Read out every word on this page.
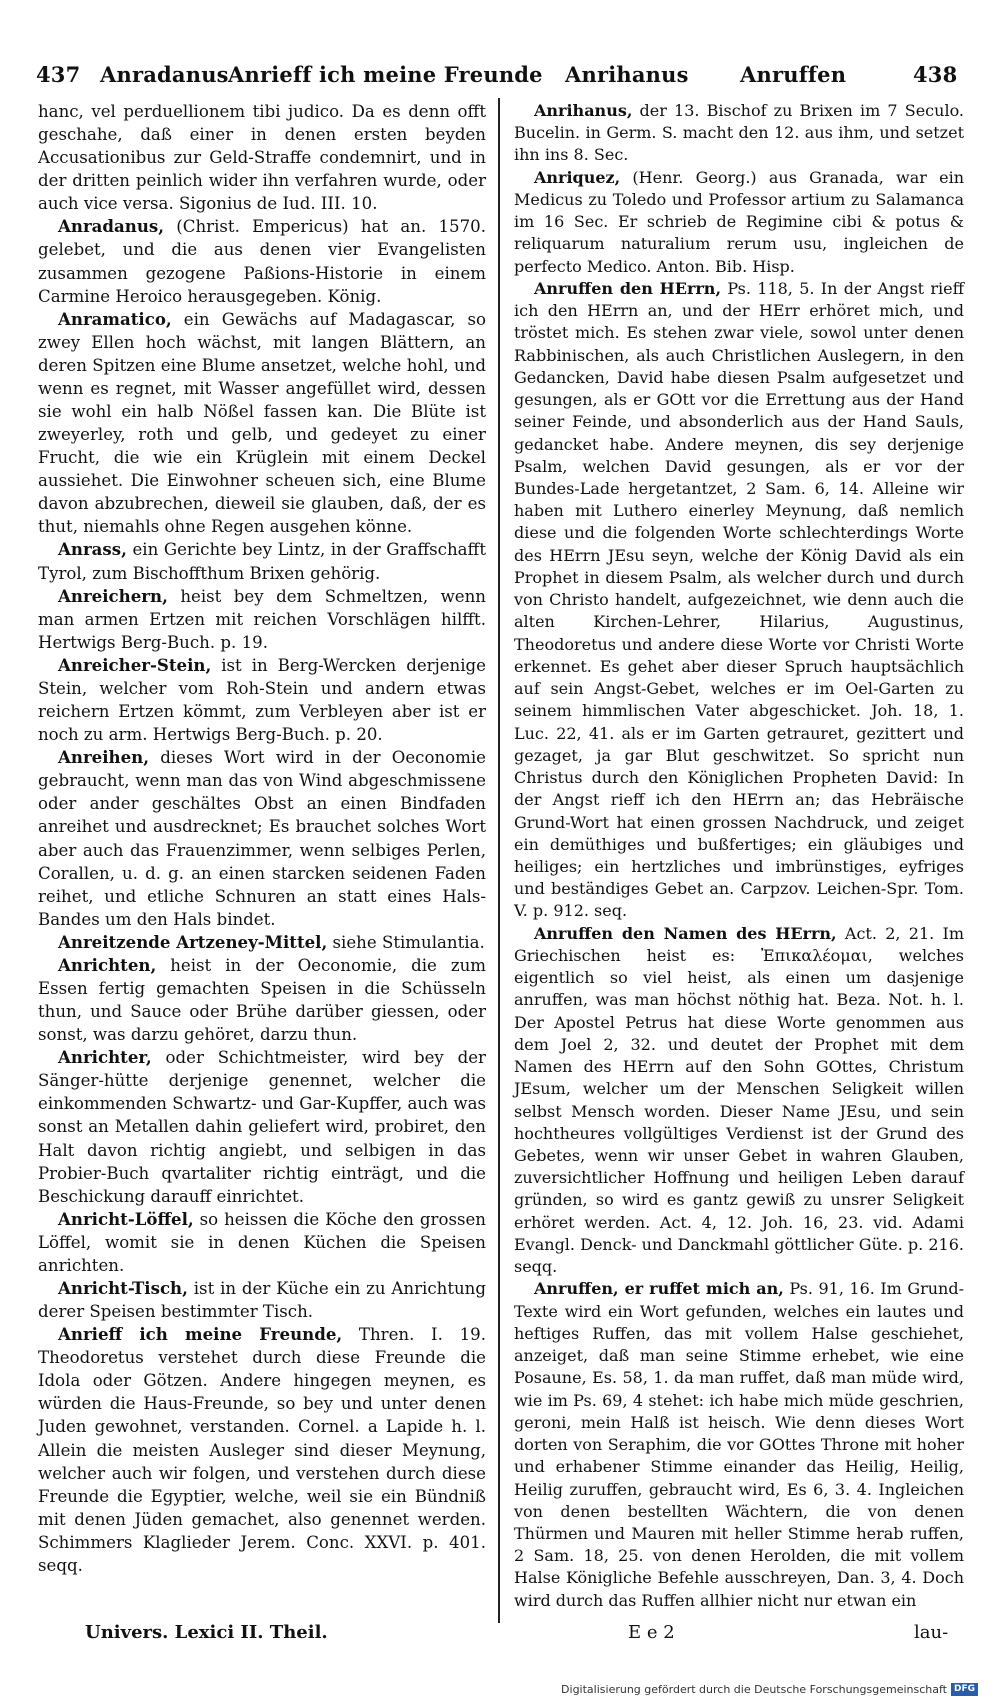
437 Anradanus Anrieff ich meine Freunde Anrihanus Anruffen	438

hanc, vel perduellionem tibi judico. Da es denn offt geschahe, daß einer in denen ersten beyden Accusationibus zur Geld-Straffe condemnirt, und in der dritten peinlich wider ihn verfahren wurde, oder auch vice versa. Sigonius de Iud. III. 10.

Anradanus, (Christ. Empericus) hat an. 1570. gelebet, und die aus denen vier Evangelisten zusammen gezogene Paßions-Historie in einem Carmine Heroico herausgegeben. König.

Anramatico, ein Gewächs auf Madagascar, so zwey Ellen hoch wächst, mit langen Blättern, an deren Spitzen eine Blume ansetzet, welche hohl, und wenn es regnet, mit Wasser angefüllet wird, dessen sie wohl ein halb Nößel fassen kan. Die Blüte ist zweyerley, roth und gelb, und gedeyet zu einer Frucht, die wie ein Krüglein mit einem Deckel aussiehet. Die Einwohner scheuen sich, eine Blume davon abzubrechen, dieweil sie glauben, daß, der es thut, niemahls ohne Regen ausgehen könne.

Anrass, ein Gerichte bey Lintz, in der Graffschafft Tyrol, zum Bischoffthum Brixen gehörig.

Anreichern, heist bey dem Schmeltzen, wenn man armen Ertzen mit reichen Vorschlägen hilfft. Hertwigs Berg-Buch. p. 19.

Anreicher-Stein, ist in Berg-Wercken derjenige Stein, welcher vom Roh-Stein und andern etwas reichern Ertzen kömmt, zum Verbleyen aber ist er noch zu arm. Hertwigs Berg-Buch. p. 20.

Anreihen, dieses Wort wird in der Oeconomie gebraucht, wenn man das von Wind abgeschmissene oder ander geschältes Obst an einen Bindfaden anreihet und ausdrecknet; Es brauchet solches Wort aber auch das Frauenzimmer, wenn selbiges Perlen, Corallen, u. d. g. an einen starcken seidenen Faden reihet, und etliche Schnuren an statt eines Hals-Bandes um den Hals bindet.

Anreitzende Artzeney-Mittel, siehe Stimulantia.

Anrichten, heist in der Oeconomie, die zum Essen fertig gemachten Speisen in die Schüsseln thun, und Sauce oder Brühe darüber giessen, oder sonst, was darzu gehöret, darzu thun.

Anrichter, oder Schichtmeister, wird bey der Sänger-hütte derjenige genennet, welcher die einkommenden Schwartz- und Gar-Kupffer, auch was sonst an Metallen dahin geliefert wird, probiret, den Halt davon richtig angiebt, und selbigen in das Probier-Buch qvartaliter richtig einträgt, und die Beschickung darauff einrichtet.

Anricht-Löffel, so heissen die Köche den grossen Löffel, womit sie in denen Küchen die Speisen anrichten.

Anricht-Tisch, ist in der Küche ein zu Anrichtung derer Speisen bestimmter Tisch.

Anrieff ich meine Freunde, Thren. I. 19. Theodoretus verstehet durch diese Freunde die Idola oder Götzen. Andere hingegen meynen, es würden die Haus-Freunde, so bey und unter denen Juden gewohnet, verstanden. Cornel. a Lapide h. l. Allein die meisten Ausleger sind dieser Meynung, welcher auch wir folgen, und verstehen durch diese Freunde die Egyptier, welche, weil sie ein Bündniß mit denen Jüden gemachet, also genennet werden. Schimmers Klaglieder Jerem. Conc. XXVI. p. 401. seqq.

Anrihanus, der 13. Bischof zu Brixen im 7 Seculo. Bucelin. in Germ. S. macht den 12. aus ihm, und setzet ihn ins 8. Sec.

Anriquez, (Henr. Georg.) aus Granada, war ein Medicus zu Toledo und Professor artium zu Salamanca im 16 Sec. Er schrieb de Regimine cibi & potus & reliquarum naturalium rerum usu, ingleichen de perfecto Medico. Anton. Bib. Hisp.

Anruffen den HErrn, Ps. 118, 5. In der Angst rieff ich den HErrn an, und der HErr erhöret mich, und tröstet mich. Es stehen zwar viele, sowol unter denen Rabbinischen, als auch Christlichen Auslegern, in den Gedancken, David habe diesen Psalm aufgesetzet und gesungen, als er GOtt vor die Errettung aus der Hand seiner Feinde, und absonderlich aus der Hand Sauls, gedancket habe. Andere meynen, dis sey derjenige Psalm, welchen David gesungen, als er vor der Bundes-Lade hergetantzet, 2 Sam. 6, 14. Alleine wir haben mit Luthero einerley Meynung, daß nemlich diese und die folgenden Worte schlechterdings Worte des HErrn JEsu seyn, welche der König David als ein Prophet in diesem Psalm, als welcher durch und durch von Christo handelt, aufgezeichnet, wie denn auch die alten Kirchen-Lehrer, Hilarius, Augustinus, Theodoretus und andere diese Worte vor Christi Worte erkennet. Es gehet aber dieser Spruch hauptsächlich auf sein Angst-Gebet, welches er im Oel-Garten zu seinem himmlischen Vater abgeschicket. Joh. 18, 1. Luc. 22, 41. als er im Garten getrauret, gezittert und gezaget, ja gar Blut geschwitzet. So spricht nun Christus durch den Königlichen Propheten David: In der Angst rieff ich den HErrn an; das Hebräische Grund-Wort hat einen grossen Nachdruck, und zeiget ein demüthiges und bußfertiges; ein gläubiges und heiliges; ein hertzliches und imbrünstiges, eyfriges und beständiges Gebet an. Carpzov. Leichen-Spr. Tom. V. p. 912. seq.

Anruffen den Namen des HErrn, Act. 2, 21. Im Griechischen heist es: Ἐπικαλέομαι, welches eigentlich so viel heist, als einen um dasjenige anruffen, was man höchst nöthig hat. Beza. Not. h. l. Der Apostel Petrus hat diese Worte genommen aus dem Joel 2, 32. und deutet der Prophet mit dem Namen des HErrn auf den Sohn GOttes, Christum JEsum, welcher um der Menschen Seligkeit willen selbst Mensch worden. Dieser Name JEsu, und sein hochtheures vollgültiges Verdienst ist der Grund des Gebetes, wenn wir unser Gebet in wahren Glauben, zuversichtlicher Hoffnung und heiligen Leben darauf gründen, so wird es gantz gewiß zu unsrer Seligkeit erhöret werden. Act. 4, 12. Joh. 16, 23. vid. Adami Evangl. Denck- und Danckmahl göttlicher Güte. p. 216. seqq.

Anruffen, er ruffet mich an, Ps. 91, 16. Im Grund-Texte wird ein Wort gefunden, welches ein lautes und heftiges Ruffen, das mit vollem Halse geschiehet, anzeiget, daß man seine Stimme erhebet, wie eine Posaune, Es. 58, 1. da man ruffet, daß man müde wird, wie im Ps. 69, 4 stehet: ich habe mich müde geschrien, geroni, mein Halß ist heisch. Wie denn dieses Wort dorten von Seraphim, die vor GOttes Throne mit hoher und erhabener Stimme einander das Heilig, Heilig, Heilig zuruffen, gebraucht wird, Es 6, 3. 4. Ingleichen von denen bestellten Wächtern, die von denen Thürmen und Mauren mit heller Stimme herab ruffen, 2 Sam. 18, 25. von denen Herolden, die mit vollem Halse Königliche Befehle ausschreyen, Dan. 3, 4. Doch wird durch das Ruffen allhier nicht nur etwan ein

Univers. Lexici II. Theil.	E e 2	lau-
Digitalisierung gefördert durch die Deutsche Forschungsgemeinschaft DFG
